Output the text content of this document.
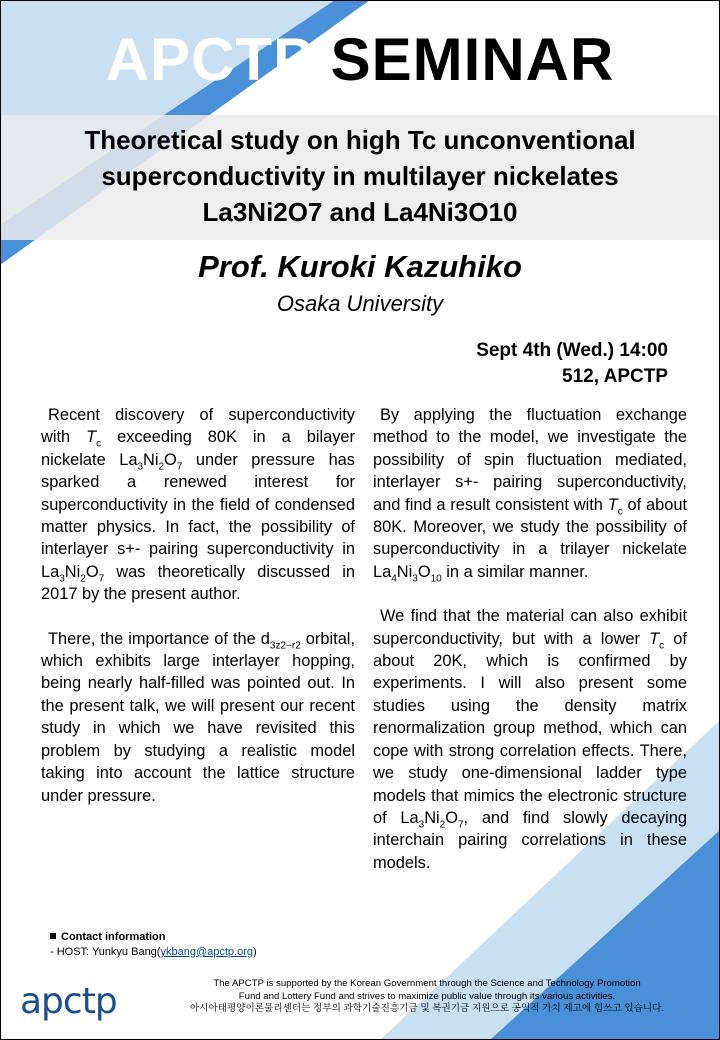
APCTP SEMINAR
Theoretical study on high Tc unconventional
superconductivity in multilayer nickelates
La3Ni2O7 and La4Ni3O10
Prof. Kuroki Kazuhiko
Osaka University
Sept 4th (Wed.) 14:00
512, APCTP

Recent discovery of superconductivity with $T_c$ exceeding 80K in a bilayer nickelate $La_3Ni_2O_7$ under pressure has sparked a renewed interest for superconductivity in the field of condensed matter physics. In fact, the possibility of interlayer s+- pairing superconductivity in $La_3Ni_2O_7$ was theoretically discussed in 2017 by the present author.

There, the importance of the $d_{3z2-r2}$ orbital, which exhibits large interlayer hopping, being nearly half-filled was pointed out. In the present talk, we will present our recent study in which we have revisited this problem by studying a realistic model taking into account the lattice structure under pressure.

By applying the fluctuation exchange method to the model, we investigate the possibility of spin fluctuation mediated, interlayer s+- pairing superconductivity, and find a result consistent with $T_c$ of about 80K. Moreover, we study the possibility of superconductivity in a trilayer nickelate $La_4Ni_3O_{10}$ in a similar manner.

We find that the material can also exhibit superconductivity, but with a lower $T_c$ of about 20K, which is confirmed by experiments. I will also present some studies using the density matrix renormalization group method, which can cope with strong correlation effects. There, we study one-dimensional ladder type models that mimics the electronic structure of $La_3Ni_2O_7$, and find slowly decaying interchain pairing correlations in these models.

Contact information
- HOST: Yunkyu Bang(ykbang@apctp.org)
apctp	The APCTP is supported by the Korean Government through the Science and Technology Promotion
Fund and Lottery Fund and strives to maximize public value through its various activities.
아시아태평양이론물리센터는 정부의 과학기술진흥기금 및 복권기금 지원으로 공익적 가치 제고에 힘쓰고 있습니다.
